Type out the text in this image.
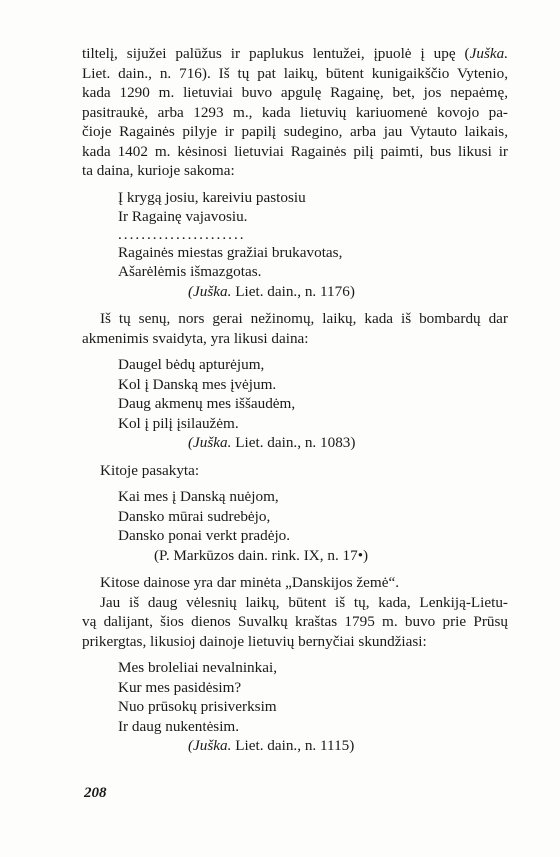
tiltelį, sijužei palūžus ir paplukus lentužei, įpuolė į upę (Juška.
Liet. dain., n. 716). Iš tų pat laikų, būtent kunigaikščio Vytenio,
kada 1290 m. lietuviai buvo apgulę Ragainę, bet, jos nepaėmę,
pasitraukė, arba 1293 m., kada lietuvių kariuomenė kovojo pa-
čioje Ragainės pilyje ir papilį sudegino, arba jau Vytauto laikais,
kada 1402 m. kėsinosi lietuviai Ragainės pilį paimti, bus likusi ir
ta daina, kurioje sakoma:

Į krygą josiu, kareiviu pastosiu
Ir Ragainę vajavosiu.
......................
Ragainės miestas gražiai brukavotas,
Ašarėlėmis išmazgotas.
(Juška. Liet. dain., n. 1176)

Iš tų senų, nors gerai nežinomų, laikų, kada iš bombardų dar
akmenimis svaidyta, yra likusi daina:

Daugel bėdų apturėjum,
Kol į Danską mes įvėjum.
Daug akmenų mes iššaudėm,
Kol į pilį įsilaužėm.
(Juška. Liet. dain., n. 1083)

Kitoje pasakyta:

Kai mes į Danską nuėjom,
Dansko mūrai sudrebėjo,
Dansko ponai verkt pradėjo.
(P. Markūzos dain. rink. IX, n. 17•)

Kitose dainose yra dar minėta „Danskijos žemė“.

Jau iš daug vėlesnių laikų, būtent iš tų, kada, Lenkiją-Lietu-
vą dalijant, šios dienos Suvalkų kraštas 1795 m. buvo prie Prūsų
prikergtas, likusioj dainoje lietuvių bernyčiai skundžiasi:

Mes broleliai nevalninkai,
Kur mes pasidėsim?
Nuo prūsokų prisiverksim
Ir daug nukentėsim.
(Juška. Liet. dain., n. 1115)
208
